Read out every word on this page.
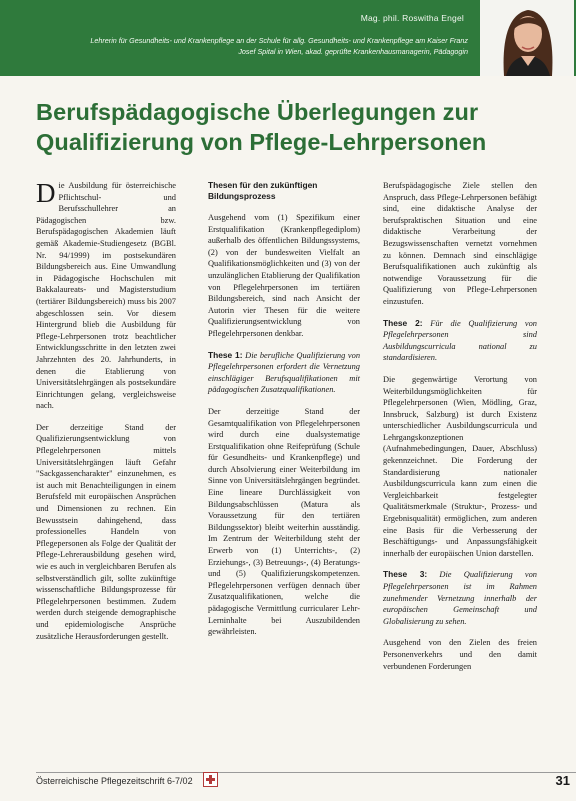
Mag. phil. Roswitha Engel
Lehrerin für Gesundheits- und Krankenpflege an der Schule für allg. Gesundheits- und Krankenpflege am Kaiser Franz Josef Spital in Wien, akad. geprüfte Krankenhausmanagerin, Pädagogin
Berufspädagogische Überlegungen zur Qualifizierung von Pflege-Lehrpersonen

Die Ausbildung für österreichische Pflichtschul- und Berufsschullehrer an Pädagogischen bzw. Berufspädagogischen Akademien läuft gemäß Akademie-Studiengesetz (BGBl. Nr. 94/1999) im postsekundären Bildungsbereich aus. Eine Umwandlung in Pädagogische Hochschulen mit Bakkalaureats- und Magisterstudium (tertiärer Bildungsbereich) muss bis 2007 abgeschlossen sein. Vor diesem Hintergrund blieb die Ausbildung für Pflege-Lehrpersonen trotz beachtlicher Entwicklungsschritte in den letzten zwei Jahrzehnten des 20. Jahrhunderts, in denen die Etablierung von Universitätslehrgängen als postsekundäre Einrichtungen gelang, vergleichsweise nach.

Der derzeitige Stand der Qualifizierungsentwicklung von Pflegelehrpersonen mittels Universitätslehrgängen läuft Gefahr "Sackgassencharakter" einzunehmen, es ist auch mit Benachteiligungen in einem Berufsfeld mit europäischen Ansprüchen und Dimensionen zu rechnen. Ein Bewusstsein dahingehend, dass professionelles Handeln von Pflegepersonen als Folge der Qualität der Pflege-Lehrerausbildung gesehen wird, wie es auch in vergleichbaren Berufen als selbstverständlich gilt, sollte zukünftige wissenschaftliche Bildungsprozesse für Pflegelehrpersonen bestimmen. Zudem werden durch steigende demographische und epidemiologische Ansprüche zusätzliche Herausforderungen gestellt.

Thesen für den zukünftigen Bildungsprozess

Ausgehend vom (1) Spezifikum einer Erstqualifikation (Krankenpflegediplom) außerhalb des öffentlichen Bildungssystems, (2) von der bundesweiten Vielfalt an Qualifikationsmöglichkeiten und (3) von der unzulänglichen Etablierung der Qualifikation von Pflegelehrpersonen im tertiären Bildungsbereich, sind nach Ansicht der Autorin vier Thesen für die weitere Qualifizierungsentwicklung von Pflegelehrpersonen denkbar.

These 1: Die berufliche Qualifizierung von Pflegelehrpersonen erfordert die Vernetzung einschlägiger Berufsqualifikationen mit pädagogischen Zusatzqualifikationen.

Der derzeitige Stand der Gesamtqualifikation von Pflegelehrpersonen wird durch eine dualsystematige Erstqualifikation ohne Reifeprüfung (Schule für Gesundheits- und Krankenpflege) und durch Absolvierung einer Weiterbildung im Sinne von Universitätslehrgängen begründet. Eine lineare Durchlässigkeit von Bildungsabschlüssen (Matura als Voraussetzung für den tertiären Bildungssektor) bleibt weiterhin ausständig. Im Zentrum der Weiterbildung steht der Erwerb von (1) Unterrichts-, (2) Erziehungs-, (3) Betreuungs-, (4) Beratungs- und (5) Qualifizierungskompetenzen. Pflegelehrpersonen verfügen dennach über Zusatzqualifikationen, welche die pädagogische Vermittlung curricularer Lehr-Lerninhalte bei Auszubildenden gewährleisten.

Berufspädagogische Ziele stellen den Anspruch, dass Pflege-Lehrpersonen befähigt sind, eine didaktische Analyse der berufspraktischen Situation und eine didaktische Verarbeitung der Bezugswissenschaften vernetzt vornehmen zu können. Demnach sind einschlägige Berufsqualifikationen auch zukünftig als notwendige Voraussetzung für die Qualifizierung von Pflege-Lehrpersonen einzustufen.

These 2: Für die Qualifizierung von Pflegelehrpersonen sind Ausbildungscurricula national zu standardisieren.

Die gegenwärtige Verortung von Weiterbildungsmöglichkeiten für Pflegelehrpersonen (Wien, Mödling, Graz, Innsbruck, Salzburg) ist durch Existenz unterschiedlicher Ausbildungscurricula und Lehrgangskonzeptionen (Aufnahmebedingungen, Dauer, Abschluss) gekennzeichnet. Die Forderung der Standardisierung nationaler Ausbildungscurricula kann zum einen die Vergleichbarkeit festgelegter Qualitätsmerkmale (Struktur-, Prozess- und Ergebnisqualität) ermöglichen, zum anderen eine Basis für die Verbesserung der Beschäftigungs- und Anpassungsfähigkeit innerhalb der europäischen Union darstellen.

These 3: Die Qualifizierung von Pflegelehrpersonen ist im Rahmen zunehmender Vernetzung innerhalb der europäischen Gemeinschaft und Globalisierung zu sehen.

Ausgehend von den Zielen des freien Personenverkehrs und den damit verbundenen Forderungen

Österreichische Pflegezeitschrift 6-7/02	31
